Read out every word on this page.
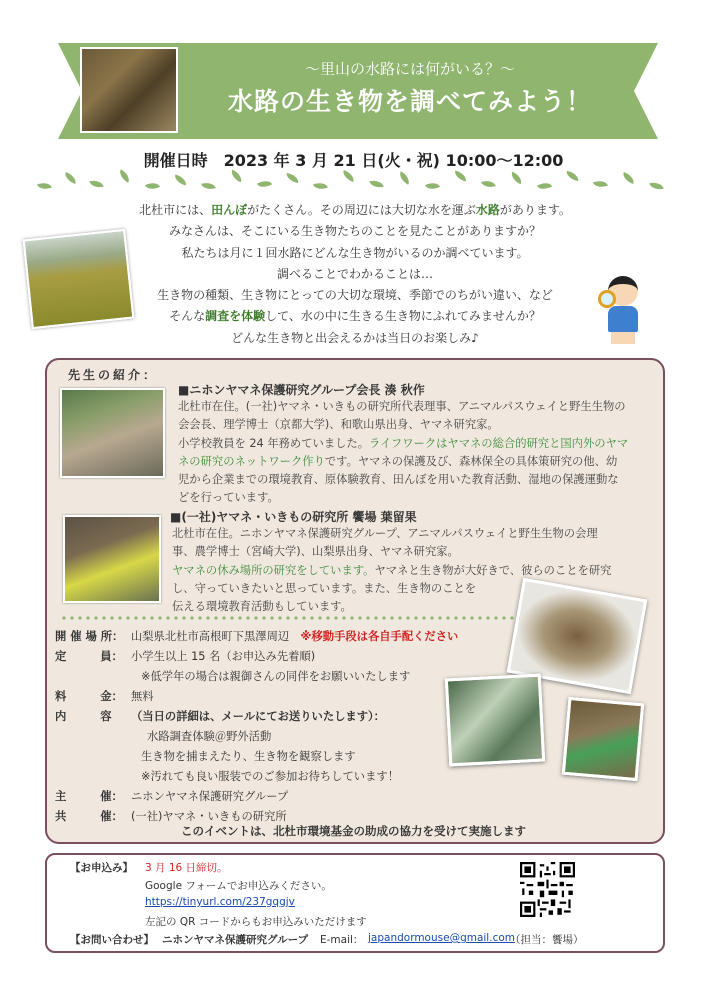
〜里山の水路には何がいる？〜
水路の生き物を調べてみよう！
開催日時　2023 年 3 月 21 日(火・祝) 10:00〜12:00
北杜市には、田んぼがたくさん。その周辺には大切な水を運ぶ水路があります。
みなさんは、そこにいる生き物たちのことを見たことがありますか？
私たちは月に１回水路にどんな生き物がいるのか調べています。
調べることでわかることは…
生き物の種類、生き物にとっての大切な環境、季節でのちがい違い、など
そんな調査を体験して、水の中に生きる生き物にふれてみませんか？
どんな生き物と出会えるかは当日のお楽しみ♪
先生の紹介：
■ニホンヤマネ保護研究グループ会長 湊 秋作
北杜市在住。(一社)ヤマネ・いきもの研究所代表理事、アニマルパスウェイと野生生物の
会会長、理学博士（京都大学)、和歌山県出身、ヤマネ研究家。
小学校教員を 24 年務めていました。ライフワークはヤマネの総合的研究と国内外のヤマ
ネの研究のネットワーク作りです。ヤマネの保護及び、森林保全の具体策研究の他、幼
児から企業までの環境教育、原体験教育、田んぼを用いた教育活動、湿地の保護運動な
どを行っています。
■(一社)ヤマネ・いきもの研究所 饗場 葉留果
北杜市在住。ニホンヤマネ保護研究グループ、アニマルパスウェイと野生生物の会理
事、農学博士（宮崎大学)、山梨県出身、ヤマネ研究家。
ヤマネの休み場所の研究をしています。ヤマネと生き物が大好きで、彼らのことを研究
し、守っていきたいと思っています。また、生き物のことを
伝える環境教育活動もしています。
開 催 場 所： 山梨県北杜市高根町下黒澤周辺　 ※移動手段は各自手配ください
定　　　員： 小学生以上 15 名（お申込み先着順)
※低学年の場合は親御さんの同伴をお願いいたします
料　　　金： 無料
内　　　容 （当日の詳細は、メールにてお送りいたします）：
水路調査体験＠野外活動
生き物を捕まえたり、生き物を観察します
※汚れても良い服装でのご参加お待ちしています！
主　　　催： ニホンヤマネ保護研究グループ
共　　　催： (一社)ヤマネ・いきもの研究所
このイベントは、北杜市環境基金の助成の協力を受けて実施します
【お申込み】 3 月 16 日締切。
Google フォームでお申込みください。
https://tinyurl.com/237gqgjv
左記の QR コードからもお申込みいただけます
【お問い合わせ】 ニホンヤマネ保護研究グループ E-mail： japandormouse@gmail.com
（担当：饗場）
